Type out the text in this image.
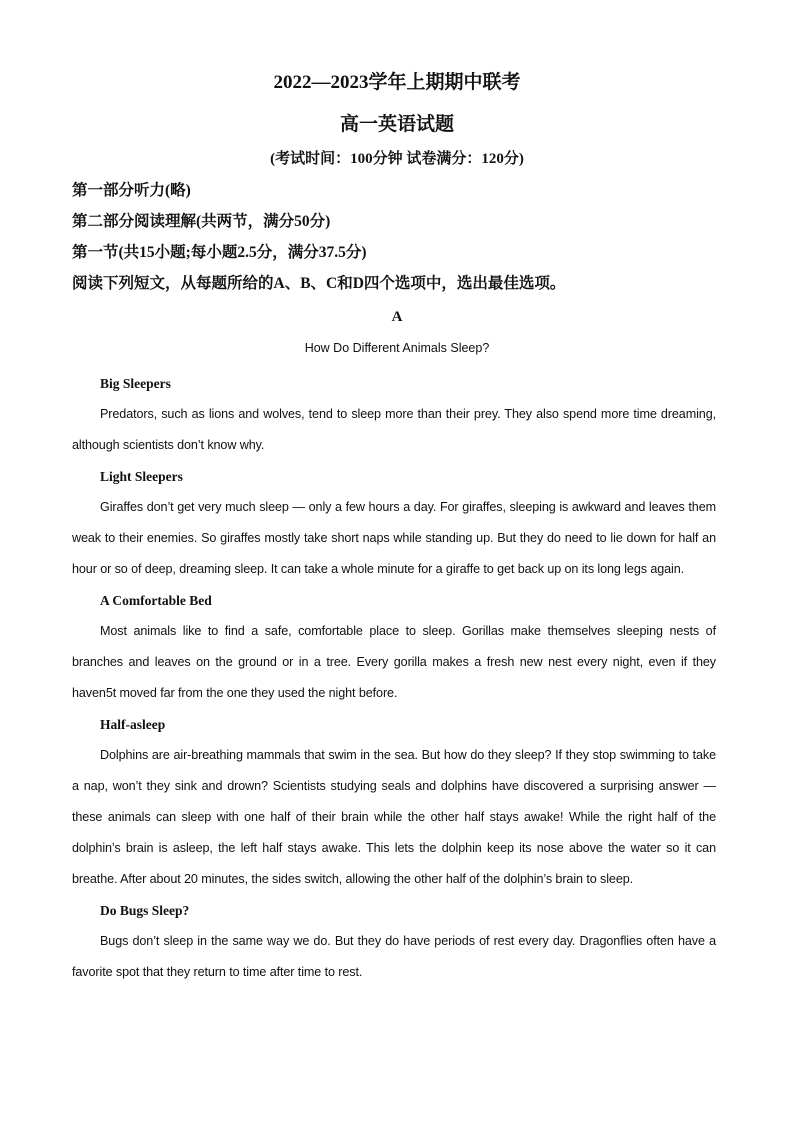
2022—2023学年上期期中联考
高一英语试题
(考试时间：100分钟 试卷满分：120分)
第一部分听力(略)
第二部分阅读理解(共两节，满分50分)
第一节(共15小题;每小题2.5分，满分37.5分)
阅读下列短文，从每题所给的A、B、C和D四个选项中，选出最佳选项。
A
How Do Different Animals Sleep?

Big Sleepers

Predators, such as lions and wolves, tend to sleep more than their prey. They also spend more time dreaming, although scientists don’t know why.

Light Sleepers

Giraffes don’t get very much sleep — only a few hours a day. For giraffes, sleeping is awkward and leaves them weak to their enemies. So giraffes mostly take short naps while standing up. But they do need to lie down for half an hour or so of deep, dreaming sleep. It can take a whole minute for a giraffe to get back up on its long legs again.

A Comfortable Bed

Most animals like to find a safe, comfortable place to sleep. Gorillas make themselves sleeping nests of branches and leaves on the ground or in a tree. Every gorilla makes a fresh new nest every night, even if they haven5t moved far from the one they used the night before.

Half-asleep

Dolphins are air-breathing mammals that swim in the sea. But how do they sleep? If they stop swimming to take a nap, won’t they sink and drown? Scientists studying seals and dolphins have discovered a surprising answer — these animals can sleep with one half of their brain while the other half stays awake! While the right half of the dolphin’s brain is asleep, the left half stays awake. This lets the dolphin keep its nose above the water so it can breathe. After about 20 minutes, the sides switch, allowing the other half of the dolphin’s brain to sleep.

Do Bugs Sleep?

Bugs don’t sleep in the same way we do. But they do have periods of rest every day. Dragonflies often have a favorite spot that they return to time after time to rest.
